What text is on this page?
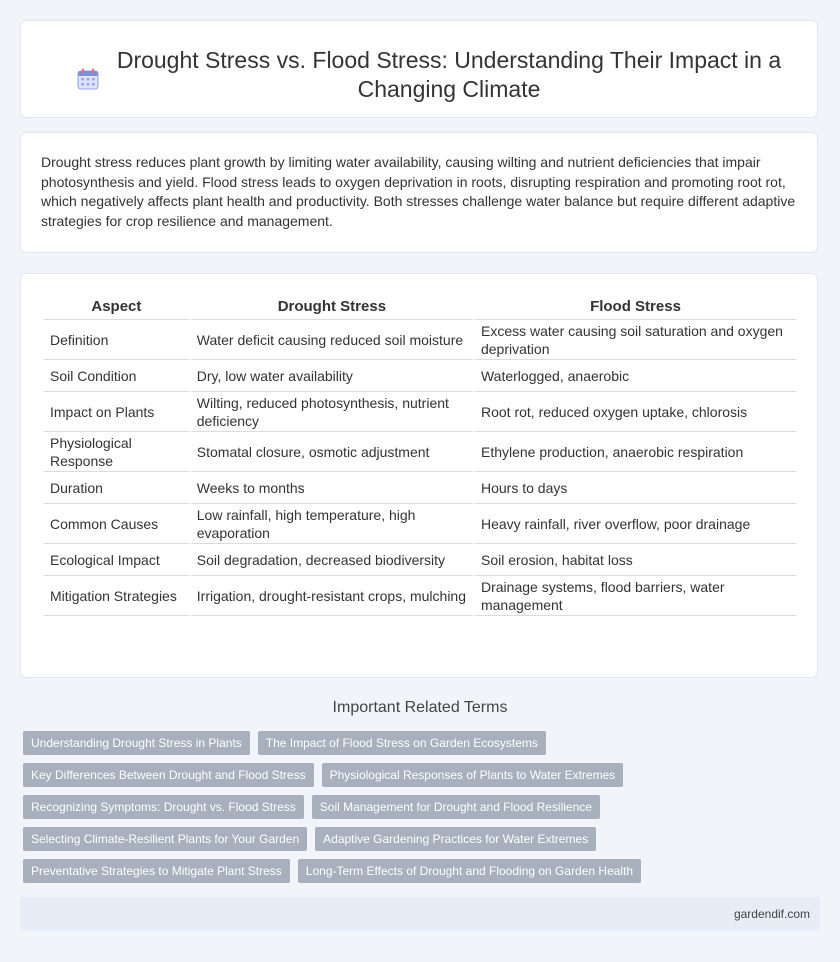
Drought Stress vs. Flood Stress: Understanding Their Impact in a Changing Climate

Drought stress reduces plant growth by limiting water availability, causing wilting and nutrient deficiencies that impair photosynthesis and yield. Flood stress leads to oxygen deprivation in roots, disrupting respiration and promoting root rot, which negatively affects plant health and productivity. Both stresses challenge water balance but require different adaptive strategies for crop resilience and management.

Aspect	Drought Stress	Flood Stress
Definition	Water deficit causing reduced soil moisture	Excess water causing soil saturation and oxygen deprivation
Soil Condition	Dry, low water availability	Waterlogged, anaerobic
Impact on Plants	Wilting, reduced photosynthesis, nutrient deficiency	Root rot, reduced oxygen uptake, chlorosis
Physiological Response	Stomatal closure, osmotic adjustment	Ethylene production, anaerobic respiration
Duration	Weeks to months	Hours to days
Common Causes	Low rainfall, high temperature, high evaporation	Heavy rainfall, river overflow, poor drainage
Ecological Impact	Soil degradation, decreased biodiversity	Soil erosion, habitat loss
Mitigation Strategies	Irrigation, drought-resistant crops, mulching	Drainage systems, flood barriers, water management
Important Related Terms
Understanding Drought Stress in Plants	The Impact of Flood Stress on Garden Ecosystems
Key Differences Between Drought and Flood Stress	Physiological Responses of Plants to Water Extremes
Recognizing Symptoms: Drought vs. Flood Stress	Soil Management for Drought and Flood Resilience
Selecting Climate-Resilient Plants for Your Garden	Adaptive Gardening Practices for Water Extremes
Preventative Strategies to Mitigate Plant Stress	Long-Term Effects of Drought and Flooding on Garden Health
gardendif.com
